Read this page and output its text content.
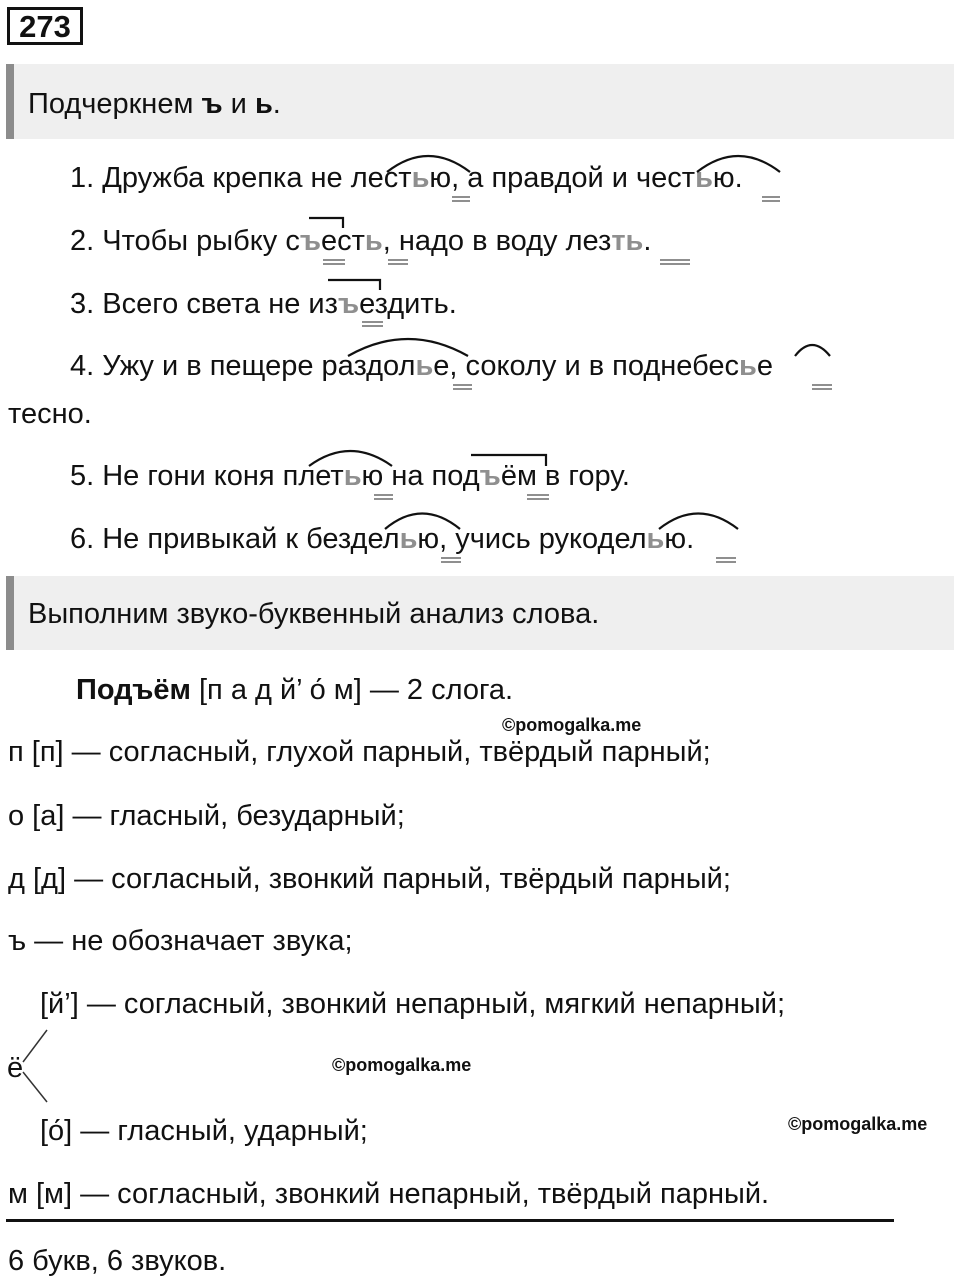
273
Подчеркнем ъ и ь.
1. Дружба крепка не лестью, а правдой и честью.
2. Чтобы рыбку съесть, надо в воду лезть.
3. Всего света не изъездить.
4. Ужу и в пещере раздолье, соколу и в поднебесье
тесно.
5. Не гони коня плетью на подъём в гору.
6. Не привыкай к безделью, учись рукоделью.
Выполним звуко-буквенный анализ слова.
Подъём [п а д й’ о́ м] — 2 слога.
©pomogalka.me
п [п] — согласный, глухой парный, твёрдый парный;
о [а] — гласный, безударный;
д [д] — согласный, звонкий парный, твёрдый парный;
ъ — не обозначает звука;
[й’] — согласный, звонкий непарный, мягкий непарный;
ё	©pomogalka.me
[о́] — гласный, ударный;	©pomogalka.me
м [м] — согласный, звонкий непарный, твёрдый парный.
6 букв, 6 звуков.
